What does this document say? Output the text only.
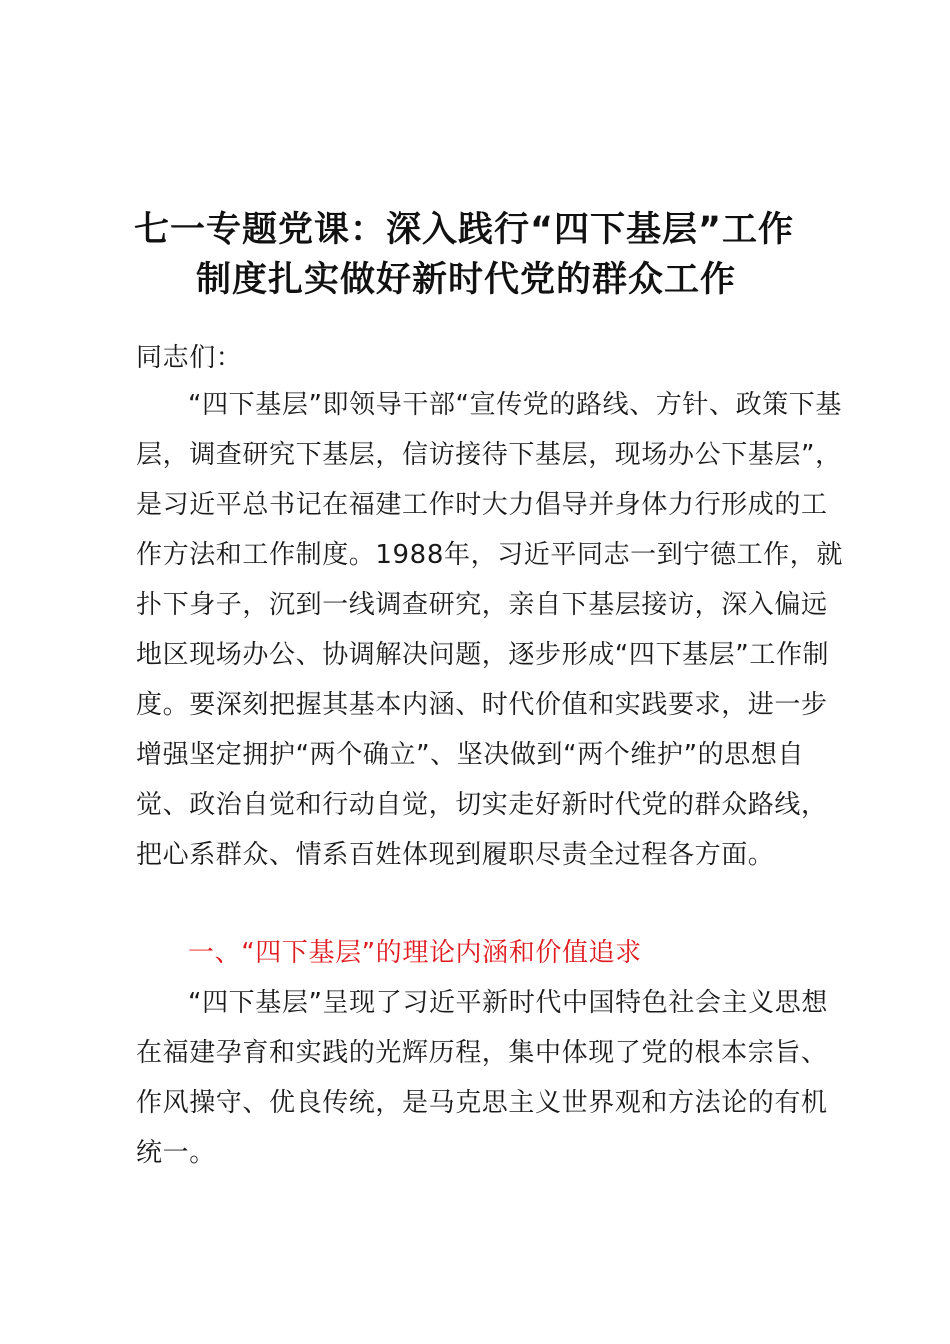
七一专题党课：深入践行“四下基层”工作
制度扎实做好新时代党的群众工作
同志们：
“四下基层”即领导干部“宣传党的路线、方针、政策下基层，调查研究下基层，信访接待下基层，现场办公下基层”，是习近平总书记在福建工作时大力倡导并身体力行形成的工作方法和工作制度。1988年，习近平同志一到宁德工作，就扑下身子，沉到一线调查研究，亲自下基层接访，深入偏远地区现场办公、协调解决问题，逐步形成“四下基层”工作制度。要深刻把握其基本内涵、时代价值和实践要求，进一步增强坚定拥护“两个确立”、坚决做到“两个维护”的思想自觉、政治自觉和行动自觉，切实走好新时代党的群众路线，把心系群众、情系百姓体现到履职尽责全过程各方面。
一、“四下基层”的理论内涵和价值追求
“四下基层”呈现了习近平新时代中国特色社会主义思想在福建孕育和实践的光辉历程，集中体现了党的根本宗旨、作风操守、优良传统，是马克思主义世界观和方法论的有机统一。
